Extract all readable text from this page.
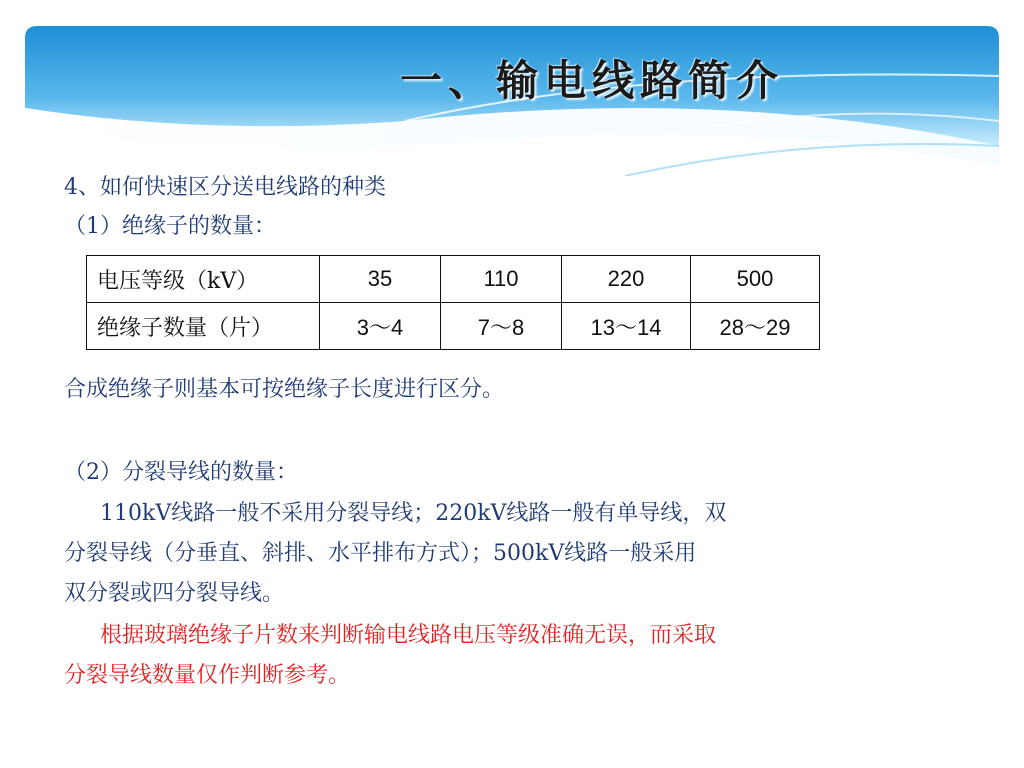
一、输电线路简介
4、如何快速区分送电线路的种类
（1）绝缘子的数量：
电压等级（kV）	35	110	220	500
绝缘子数量（片）	3～4	7～8	13～14	28～29
合成绝缘子则基本可按绝缘子长度进行区分。
（2）分裂导线的数量：
110kV线路一般不采用分裂导线；220kV线路一般有单导线，双
分裂导线（分垂直、斜排、水平排布方式）；500kV线路一般采用
双分裂或四分裂导线。
根据玻璃绝缘子片数来判断输电线路电压等级准确无误，而采取
分裂导线数量仅作判断参考。
